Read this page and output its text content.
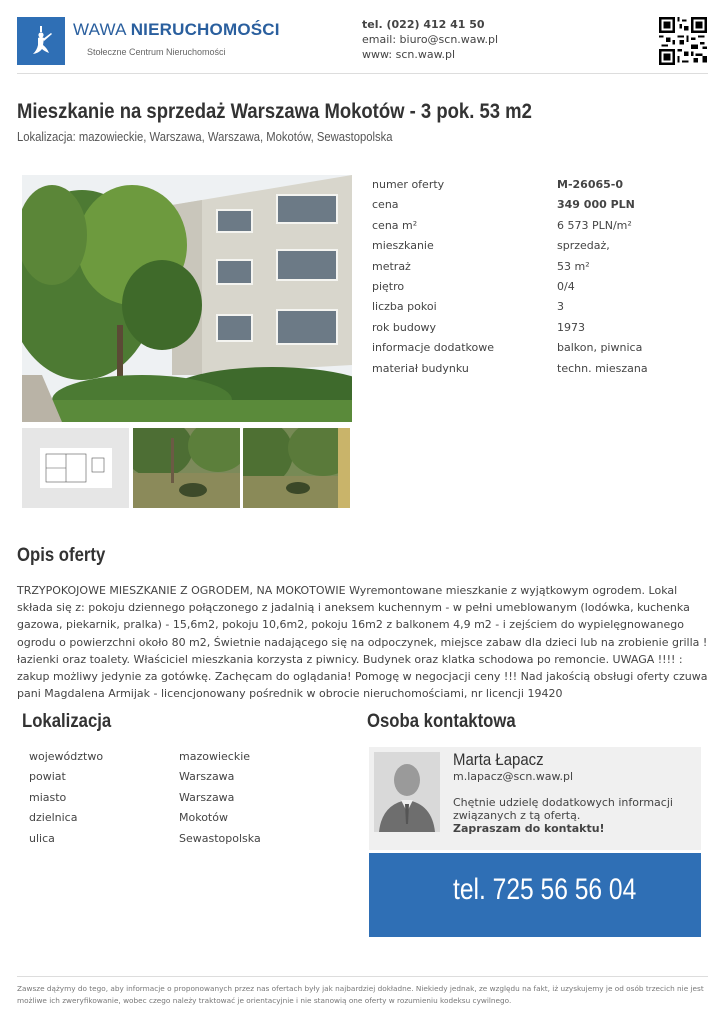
WAWA NIERUCHOMOŚCI
Stołeczne Centrum Nieruchomości
tel. (022) 412 41 50
email: biuro@scn.waw.pl
www: scn.waw.pl
Mieszkanie na sprzedaż Warszawa Mokotów - 3 pok. 53 m2
Lokalizacja: mazowieckie, Warszawa, Warszawa, Mokotów, Sewastopolska
numer oferty	M-26065-0
cena	349 000 PLN
cena m²	6 573 PLN/m²
mieszkanie	sprzedaż,
metraż	53 m²
piętro	0/4
liczba pokoi	3
rok budowy	1973
informacje dodatkowe	balkon, piwnica
materiał budynku	techn. mieszana
Opis oferty

TRZYPOKOJOWE MIESZKANIE Z OGRODEM, NA MOKOTOWIE Wyremontowane mieszkanie z wyjątkowym ogrodem. Lokal składa się z: pokoju dziennego połączonego z jadalnią i aneksem kuchennym - w pełni umeblowanym (lodówka, kuchenka gazowa, piekarnik, pralka) - 15,6m2, pokoju 10,6m2, pokoju 16m2 z balkonem 4,9 m2 - i zejściem do wypielęgnowanego ogrodu o powierzchni około 80 m2, Świetnie nadającego się na odpoczynek, miejsce zabaw dla dzieci lub na zrobienie grilla ! łazienki oraz toalety. Właściciel mieszkania korzysta z piwnicy. Budynek oraz klatka schodowa po remoncie. UWAGA !!!! : zakup możliwy jedynie za gotówkę. Zachęcam do oglądania! Pomogę w negocjacji ceny !!! Nad jakością obsługi oferty czuwa pani Magdalena Armijak - licencjonowany pośrednik w obrocie nieruchomościami, nr licencji 19420

Lokalizacja
województwo	mazowieckie
powiat	Warszawa
miasto	Warszawa
dzielnica	Mokotów
ulica	Sewastopolska
Osoba kontaktowa
Marta Łapacz
m.lapacz@scn.waw.pl
Chętnie udzielę dodatkowych informacji związanych z tą ofertą.
Zapraszam do kontaktu!
tel. 725 56 56 04

Zawsze dążymy do tego, aby informacje o proponowanych przez nas ofertach były jak najbardziej dokładne. Niekiedy jednak, ze względu na fakt, iż uzyskujemy je od osób trzecich nie jest możliwe ich zweryfikowanie, wobec czego należy traktować je orientacyjnie i nie stanowią one oferty w rozumieniu kodeksu cywilnego.
